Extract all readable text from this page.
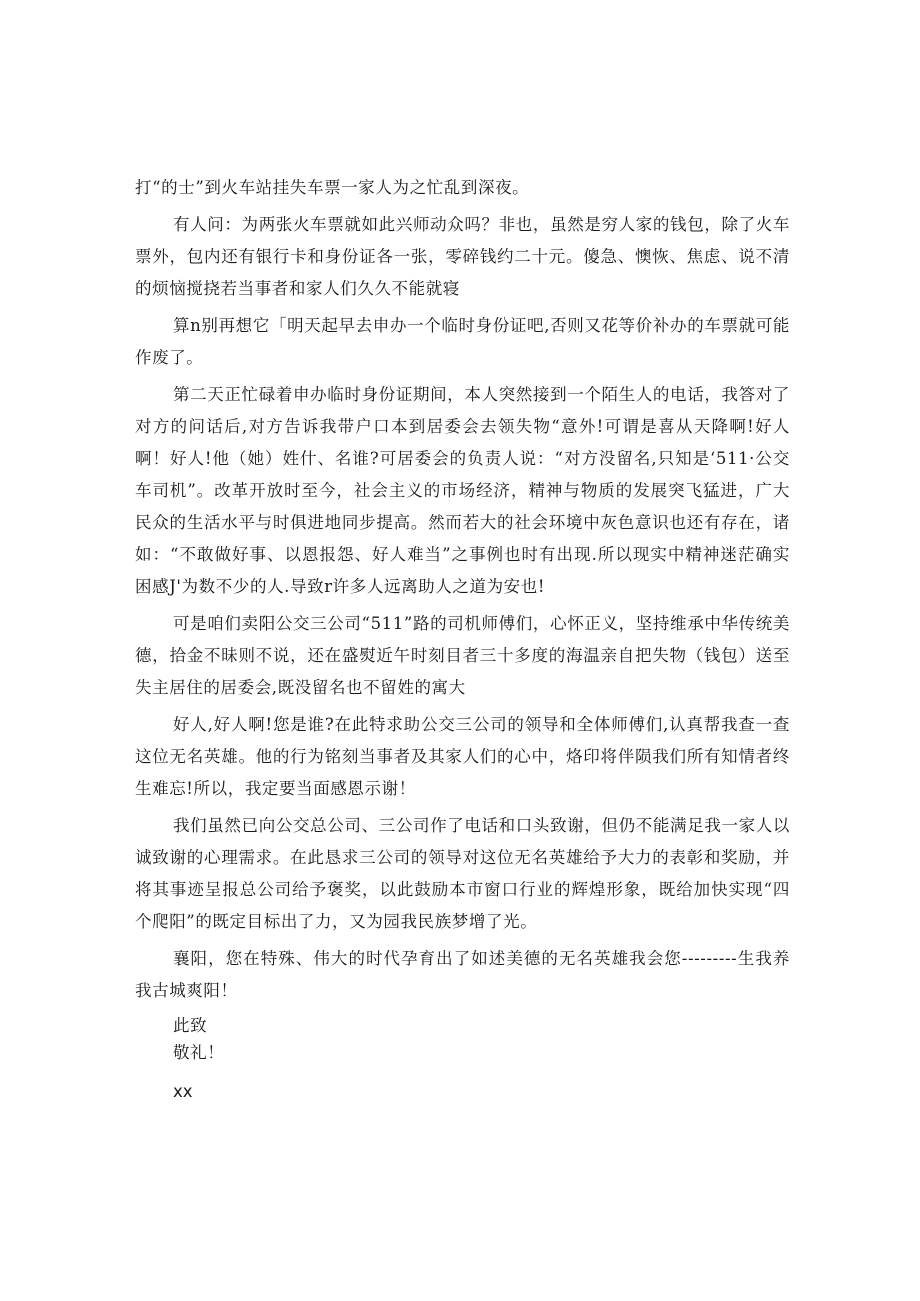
打“的士”到火车站挂失车票一家人为之忙乱到深夜。

有人问：为两张火车票就如此兴师动众吗？非也，虽然是穷人家的钱包，除了火车票外，包内还有银行卡和身份证各一张，零碎钱约二十元。傻急、懊恢、焦虑、说不清的烦恼搅挠若当事者和家人们久久不能就寝

算n别再想它「明天起早去申办一个临时身份证吧,否则又花等价补办的车票就可能作废了。

第二天正忙碌着申办临时身份证期间，本人突然接到一个陌生人的电话，我答对了对方的问话后,对方告诉我带户口本到居委会去领失物“意外!可谓是喜从天降啊!好人啊！好人!他（她）姓什、名谁?可居委会的负责人说：“对方没留名,只知是‘511·公交车司机”。改革开放时至今，社会主义的市场经济，精神与物质的发展突飞猛进，广大民众的生活水平与时俱进地同步提高。然而若大的社会环境中灰色意识也还有存在，诸如：“不敢做好事、以恩报怨、好人难当”之事例也时有出现.所以现实中精神迷茫确实困感J'为数不少的人.导致r许多人远离助人之道为安也!

可是咱们卖阳公交三公司“511”路的司机师傅们，心怀正义，坚持维承中华传统美德，拾金不昧则不说，还在盛熨近午时刻目者三十多度的海温亲自把失物（钱包）送至失主居住的居委会,既没留名也不留姓的寓大

好人,好人啊!您是谁?在此特求助公交三公司的领导和全体师傅们,认真帮我查一查这位无名英雄。他的行为铭刻当事者及其家人们的心中，烙印将伴陨我们所有知情者终生难忘!所以，我定要当面感恩示谢！

我们虽然已向公交总公司、三公司作了电话和口头致谢，但仍不能满足我一家人以诚致谢的心理需求。在此恳求三公司的领导对这位无名英雄给予大力的表彰和奖励，并将其事迹呈报总公司给予褒奖，以此鼓励本市窗口行业的辉煌形象，既给加快实现“四个爬阳”的既定目标出了力，又为园我民族梦增了光。

襄阳，您在特殊、伟大的时代孕育出了如述美德的无名英雄我会您---------生我养我古城爽阳！

此致

敬礼！

xx
